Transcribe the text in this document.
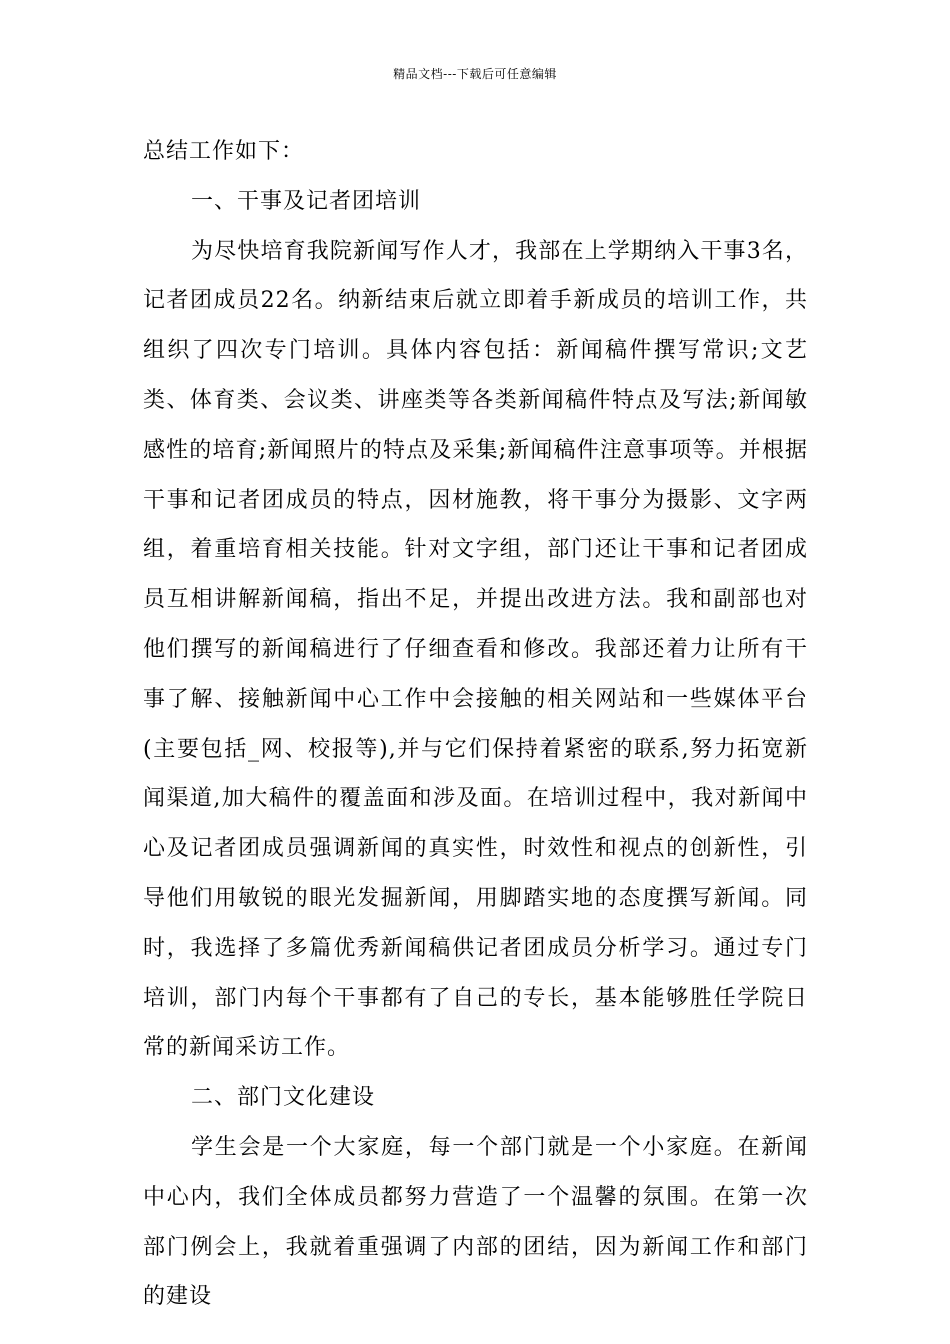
精品文档---下载后可任意编辑

总结工作如下：

一、干事及记者团培训

为尽快培育我院新闻写作人才，我部在上学期纳入干事3名，记者团成员22名。纳新结束后就立即着手新成员的培训工作，共组织了四次专门培训。具体内容包括：新闻稿件撰写常识;文艺类、体育类、会议类、讲座类等各类新闻稿件特点及写法;新闻敏感性的培育;新闻照片的特点及采集;新闻稿件注意事项等。并根据干事和记者团成员的特点，因材施教，将干事分为摄影、文字两组，着重培育相关技能。针对文字组，部门还让干事和记者团成员互相讲解新闻稿，指出不足，并提出改进方法。我和副部也对他们撰写的新闻稿进行了仔细查看和修改。我部还着力让所有干事了解、接触新闻中心工作中会接触的相关网站和一些媒体平台(主要包括_网、校报等),并与它们保持着紧密的联系,努力拓宽新闻渠道,加大稿件的覆盖面和涉及面。在培训过程中，我对新闻中心及记者团成员强调新闻的真实性，时效性和视点的创新性，引导他们用敏锐的眼光发掘新闻，用脚踏实地的态度撰写新闻。同时，我选择了多篇优秀新闻稿供记者团成员分析学习。通过专门培训，部门内每个干事都有了自己的专长，基本能够胜任学院日常的新闻采访工作。

二、部门文化建设

学生会是一个大家庭，每一个部门就是一个小家庭。在新闻中心内，我们全体成员都努力营造了一个温馨的氛围。在第一次部门例会上，我就着重强调了内部的团结，因为新闻工作和部门的建设
